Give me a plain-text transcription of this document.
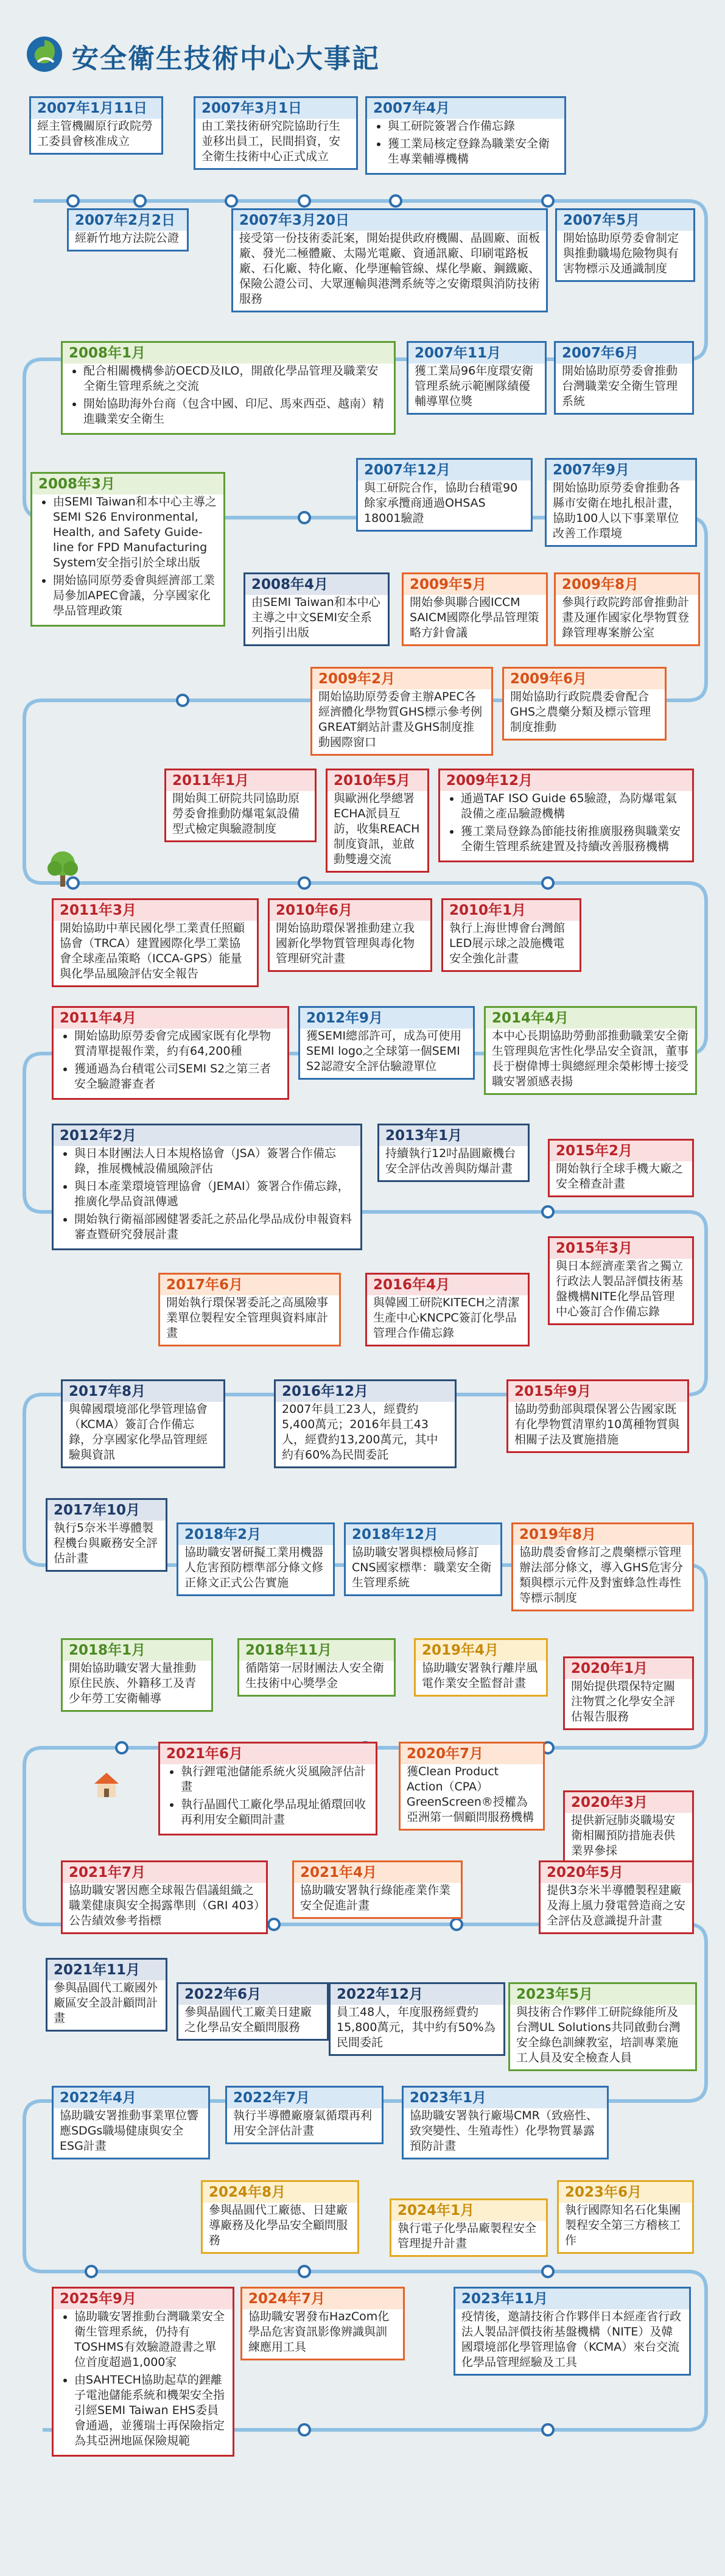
安全衛生技術中心大事記
2007年1月11日
經主管機關原行政院勞工委員會核准成立
2007年3月1日
由工業技術研究院協助行生並移出員工，民間捐資，安全衛生技術中心正式成立
2007年4月
• 與工研院簽署合作備忘錄
• 獲工業局核定登錄為職業安全衛生專業輔導機構
2007年2月2日
經新竹地方法院公證
2007年3月20日
接受第一份技術委託案，開始提供政府機關、晶圓廠、面板廠、發光二極體廠、太陽光電廠、資通訊廠、印刷電路板廠、石化廠、特化廠、化學運輸管線、煤化學廠、鋼鐵廠、保險公證公司、大眾運輸與港灣系統等之安衛環與消防技術服務
2007年5月
開始協助原勞委會制定與推動職場危險物與有害物標示及通識制度
2008年1月
• 配合相關機構參訪OECD及ILO，開啟化學品管理及職業安全衛生管理系統之交流
• 開始協助海外台商（包含中國、印尼、馬來西亞、越南）精進職業安全衛生
2007年11月
獲工業局96年度環安衛管理系統示範團隊績優輔導單位獎
2007年6月
開始協助原勞委會推動台灣職業安全衛生管理系統
2008年3月
• 由SEMI Taiwan和本中心主導之SEMI S26 Environmental, Health, and Safety Guide-line for FPD Manufacturing System安全指引於全球出版
• 開始協同原勞委會與經濟部工業局參加APEC會議，分享國家化學品管理政策
2007年12月
與工研院合作，協助台積電90餘家承攬商通過OHSAS 18001驗證
2007年9月
開始協助原勞委會推動各縣市安衛在地扎根計畫，協助100人以下事業單位改善工作環境
2008年4月
由SEMI Taiwan和本中心主導之中文SEMI安全系列指引出版
2009年5月
開始參與聯合國ICCM SAICM國際化學品管理策略方針會議
2009年8月
參與行政院跨部會推動計畫及運作國家化學物質登錄管理專案辦公室
2009年2月
開始協助原勞委會主辦APEC各經濟體化學物質GHS標示參考例GREAT網站計畫及GHS制度推動國際窗口
2009年6月
開始協助行政院農委會配合GHS之農藥分類及標示管理制度推動
2011年1月
開始與工研院共同協助原勞委會推動防爆電氣設備型式檢定與驗證制度
2010年5月
與歐洲化學總署ECHA派員互訪，收集REACH制度資訊，並啟動雙邊交流
2009年12月
• 通過TAF ISO Guide 65驗證，為防爆電氣設備之產品驗證機構
• 獲工業局登錄為節能技術推廣服務與職業安全衛生管理系統建置及持續改善服務機構
2011年3月
開始協助中華民國化學工業責任照顧協會（TRCA）建置國際化學工業協會全球產品策略（ICCA-GPS）能量與化學品風險評估安全報告
2010年6月
開始協助環保署推動建立我國新化學物質管理與毒化物管理研究計畫
2010年1月
執行上海世博會台灣館LED展示球之設施機電安全強化計畫
2011年4月
• 開始協助原勞委會完成國家既有化學物質清單提報作業，約有64,200種
• 獲通過為台積電公司SEMI S2之第三者安全驗證審查者
2012年9月
獲SEMI總部許可，成為可使用SEMI logo之全球第一個SEMI S2認證安全評估驗證單位
2014年4月
本中心長期協助勞動部推動職業安全衛生管理與危害性化學品安全資訊，董事長于樹偉博士與總經理余榮彬博士接受職安署頒感表揚
2012年2月
• 與日本財團法人日本規格協會（JSA）簽署合作備忘錄，推展機械設備風險評估
• 與日本產業環境管理協會（JEMAI）簽署合作備忘錄，推廣化學品資訊傳遞
• 開始執行衛福部國健署委託之菸品化學品成份申報資料審查暨研究發展計畫
2013年1月
持續執行12吋晶圓廠機台安全評估改善與防爆計畫
2015年2月
開始執行全球手機大廠之安全稽查計畫
2015年3月
與日本經濟產業省之獨立行政法人製品評價技術基盤機構NITE化學品管理中心簽訂合作備忘錄
2017年6月
開始執行環保署委託之高風險事業單位製程安全管理與資料庫計畫
2016年4月
與韓國工研院KITECH之清潔生產中心KNCPC簽訂化學品管理合作備忘錄
2017年8月
與韓國環境部化學管理協會（KCMA）簽訂合作備忘錄，分享國家化學品管理經驗與資訊
2016年12月
2007年員工23人，經費約5,400萬元；2016年員工43人，經費約13,200萬元，其中約有60%為民間委託
2015年9月
協助勞動部與環保署公告國家既有化學物質清單約10萬種物質與相關子法及實施措施
2017年10月
執行5奈米半導體製程機台與廠務安全評估計畫
2018年2月
協助職安署研擬工業用機器人危害預防標準部分條文修正條文正式公告實施
2018年12月
協助職安署與標檢局修訂CNS國家標準：職業安全衛生管理系統
2019年8月
協助農委會修訂之農藥標示管理辦法部分條文，導入GHS危害分類與標示元件及對蜜蜂急性毒性等標示制度
2018年1月
開始協助職安署大量推動原住民族、外籍移工及青少年勞工安衛輔導
2018年11月
循階第一居財團法人安全衛生技術中心獎學金
2019年4月
協助職安署執行離岸風電作業安全監督計畫
2020年1月
開始提供環保特定關注物質之化學安全評估報告服務
2021年6月
• 執行鋰電池儲能系統火災風險評估計畫
• 執行晶圓代工廠化學品現址循環回收再利用安全顧問計畫
2020年7月
獲Clean Product Action（CPA）GreenScreen®授權為亞洲第一個顧問服務機構
2020年3月
提供新冠肺炎職場安衛相關預防措施表供業界參採
2021年7月
協助職安署因應全球報告倡議組織之職業健康與安全揭露準則（GRI 403）公告績效參考指標
2021年4月
協助職安署執行綠能產業作業安全促進計畫
2020年5月
提供3奈米半導體製程建廠及海上風力發電營造商之安全評估及意識提升計畫
2021年11月
參與晶圓代工廠國外廠區安全設計顧問計畫
2022年6月
參與晶圓代工廠美日建廠之化學品安全顧問服務
2022年12月
員工48人，年度服務經費約15,800萬元，其中約有50%為民間委託
2023年5月
與技術合作夥伴工研院綠能所及台灣UL Solutions共同啟動台灣安全綠色訓練教室，培訓專業施工人員及安全檢查人員
2022年4月
協助職安署推動事業單位響應SDGs職場健康與安全ESG計畫
2022年7月
執行半導體廠廢氣循環再利用安全評估計畫
2023年1月
協助職安署執行廠場CMR（致癌性、致突變性、生殖毒性）化學物質暴露預防計畫
2024年8月
參與晶圓代工廠德、日建廠導廠務及化學品安全顧問服務
2024年1月
執行電子化學品廠製程安全管理提升計畫
2023年6月
執行國際知名石化集團製程安全第三方稽核工作
2025年9月
• 協助職安署推動台灣職業安全衛生管理系統，仍持有TOSHMS有效驗證證書之單位首度超過1,000家
• 由SAHTECH協助起草的鋰離子電池儲能系統和機架安全指引經SEMI Taiwan EHS委員會通過，並獲瑞士再保險指定為其亞洲地區保險規範
2024年7月
協助職安署發布HazCom化學品危害資訊影像辨識與訓練應用工具
2023年11月
疫情後，邀請技術合作夥伴日本經產省行政法人製品評價技術基盤機構（NITE）及韓國環境部化學管理協會（KCMA）來台交流化學品管理經驗及工具
